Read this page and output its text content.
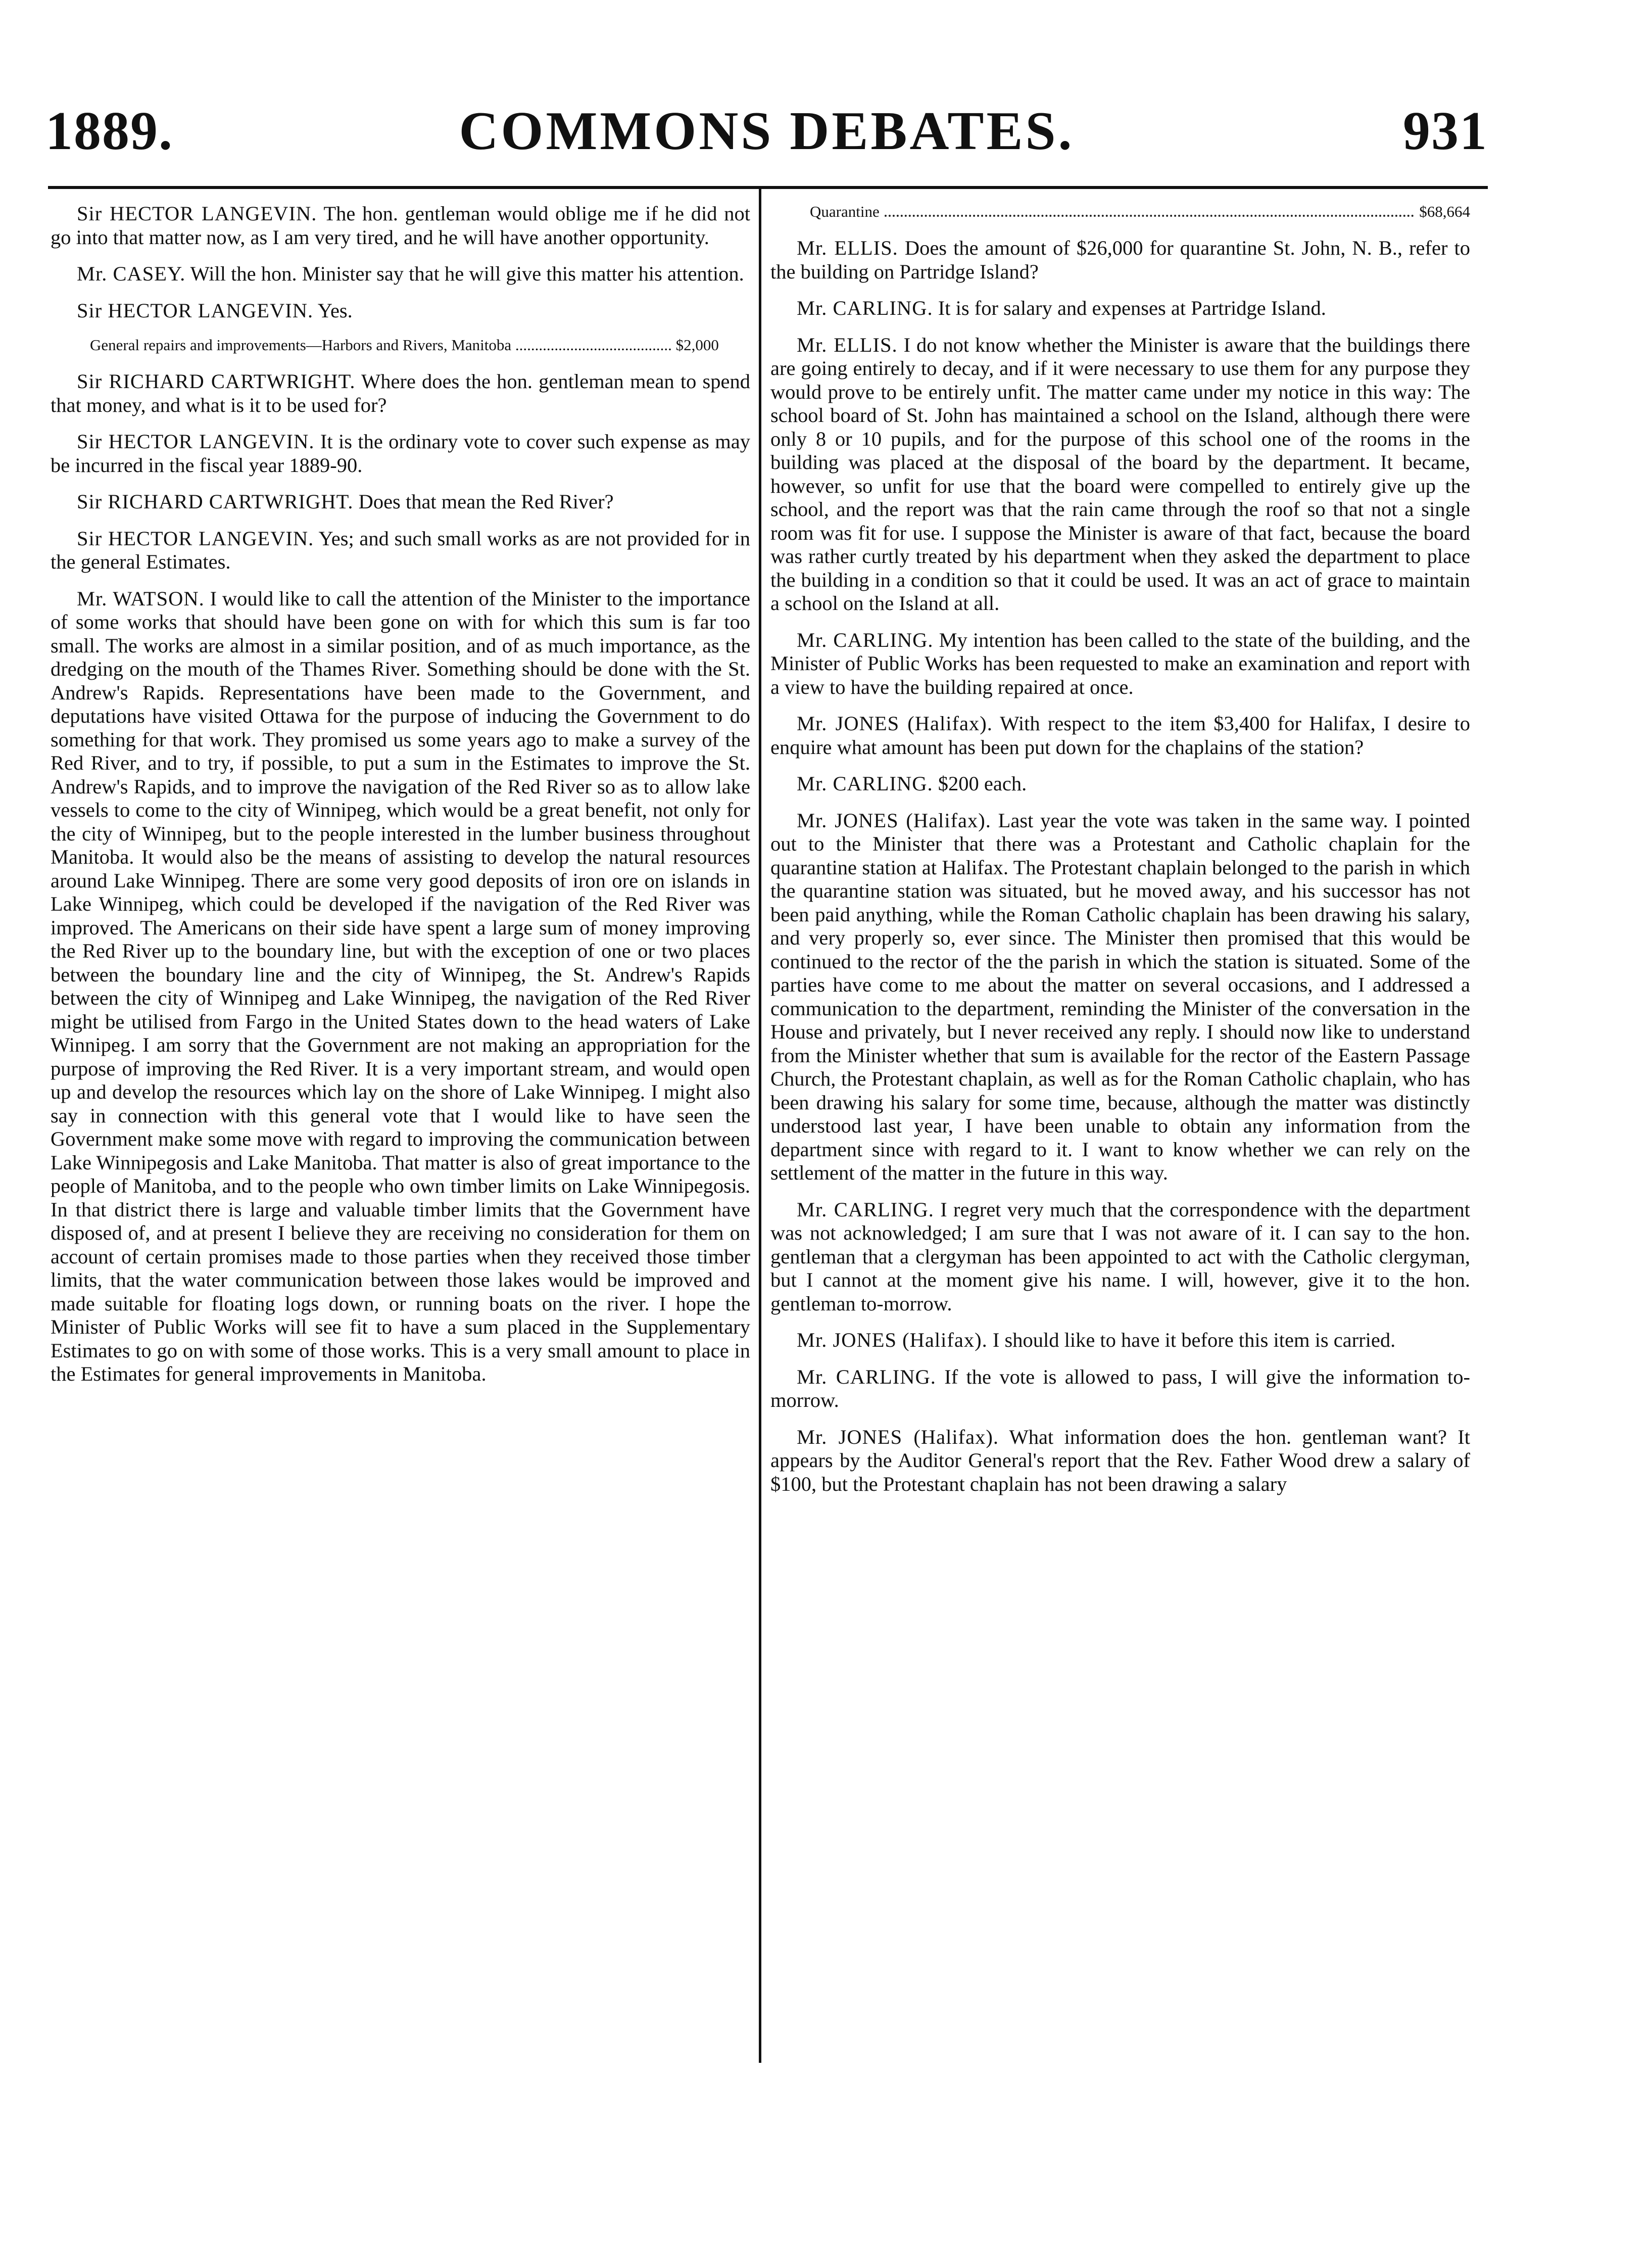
1889.	COMMONS DEBATES.	931

Sir HECTOR LANGEVIN. The hon. gentleman would oblige me if he did not go into that matter now, as I am very tired, and he will have another opportunity.

Mr. CASEY. Will the hon. Minister say that he will give this matter his attention.

Sir HECTOR LANGEVIN. Yes.

General repairs and improvements—Harbors and Rivers, Manitoba ........................................ $2,000

Sir RICHARD CARTWRIGHT. Where does the hon. gentleman mean to spend that money, and what is it to be used for?

Sir HECTOR LANGEVIN. It is the ordinary vote to cover such expense as may be incurred in the fiscal year 1889-90.

Sir RICHARD CARTWRIGHT. Does that mean the Red River?

Sir HECTOR LANGEVIN. Yes; and such small works as are not provided for in the general Estimates.

Mr. WATSON. I would like to call the attention of the Minister to the importance of some works that should have been gone on with for which this sum is far too small. The works are almost in a similar position, and of as much importance, as the dredging on the mouth of the Thames River. Something should be done with the St. Andrew's Rapids. Representations have been made to the Government, and deputations have visited Ottawa for the purpose of inducing the Government to do something for that work. They promised us some years ago to make a survey of the Red River, and to try, if possible, to put a sum in the Estimates to improve the St. Andrew's Rapids, and to improve the navigation of the Red River so as to allow lake vessels to come to the city of Winnipeg, which would be a great benefit, not only for the city of Winnipeg, but to the people interested in the lumber business throughout Manitoba. It would also be the means of assisting to develop the natural resources around Lake Winnipeg. There are some very good deposits of iron ore on islands in Lake Winnipeg, which could be developed if the navigation of the Red River was improved. The Americans on their side have spent a large sum of money improving the Red River up to the boundary line, but with the exception of one or two places between the boundary line and the city of Winnipeg, the St. Andrew's Rapids between the city of Winnipeg and Lake Winnipeg, the navigation of the Red River might be utilised from Fargo in the United States down to the head waters of Lake Winnipeg. I am sorry that the Government are not making an appropriation for the purpose of improving the Red River. It is a very important stream, and would open up and develop the resources which lay on the shore of Lake Winnipeg. I might also say in connection with this general vote that I would like to have seen the Government make some move with regard to improving the communication between Lake Winnipegosis and Lake Manitoba. That matter is also of great importance to the people of Manitoba, and to the people who own timber limits on Lake Winnipegosis. In that district there is large and valuable timber limits that the Government have disposed of, and at present I believe they are receiving no consideration for them on account of certain promises made to those parties when they received those timber limits, that the water communication between those lakes would be improved and made suitable for floating logs down, or running boats on the river. I hope the Minister of Public Works will see fit to have a sum placed in the Supplementary Estimates to go on with some of those works. This is a very small amount to place in the Estimates for general improvements in Manitoba.

Quarantine	$68,664

Mr. ELLIS. Does the amount of $26,000 for quarantine St. John, N. B., refer to the building on Partridge Island?

Mr. CARLING. It is for salary and expenses at Partridge Island.

Mr. ELLIS. I do not know whether the Minister is aware that the buildings there are going entirely to decay, and if it were necessary to use them for any purpose they would prove to be entirely unfit. The matter came under my notice in this way: The school board of St. John has maintained a school on the Island, although there were only 8 or 10 pupils, and for the purpose of this school one of the rooms in the building was placed at the disposal of the board by the department. It became, however, so unfit for use that the board were compelled to entirely give up the school, and the report was that the rain came through the roof so that not a single room was fit for use. I suppose the Minister is aware of that fact, because the board was rather curtly treated by his department when they asked the department to place the building in a condition so that it could be used. It was an act of grace to maintain a school on the Island at all.

Mr. CARLING. My intention has been called to the state of the building, and the Minister of Public Works has been requested to make an examination and report with a view to have the building repaired at once.

Mr. JONES (Halifax). With respect to the item $3,400 for Halifax, I desire to enquire what amount has been put down for the chaplains of the station?

Mr. CARLING. $200 each.

Mr. JONES (Halifax). Last year the vote was taken in the same way. I pointed out to the Minister that there was a Protestant and Catholic chaplain for the quarantine station at Halifax. The Protestant chaplain belonged to the parish in which the quarantine station was situated, but he moved away, and his successor has not been paid anything, while the Roman Catholic chaplain has been drawing his salary, and very properly so, ever since. The Minister then promised that this would be continued to the rector of the the parish in which the station is situated. Some of the parties have come to me about the matter on several occasions, and I addressed a communication to the department, reminding the Minister of the conversation in the House and privately, but I never received any reply. I should now like to understand from the Minister whether that sum is available for the rector of the Eastern Passage Church, the Protestant chaplain, as well as for the Roman Catholic chaplain, who has been drawing his salary for some time, because, although the matter was distinctly understood last year, I have been unable to obtain any information from the department since with regard to it. I want to know whether we can rely on the settlement of the matter in the future in this way.

Mr. CARLING. I regret very much that the correspondence with the department was not acknowledged; I am sure that I was not aware of it. I can say to the hon. gentleman that a clergyman has been appointed to act with the Catholic clergyman, but I cannot at the moment give his name. I will, however, give it to the hon. gentleman to-morrow.

Mr. JONES (Halifax). I should like to have it before this item is carried.

Mr. CARLING. If the vote is allowed to pass, I will give the information to-morrow.

Mr. JONES (Halifax). What information does the hon. gentleman want? It appears by the Auditor General's report that the Rev. Father Wood drew a salary of $100, but the Protestant chaplain has not been drawing a salary
